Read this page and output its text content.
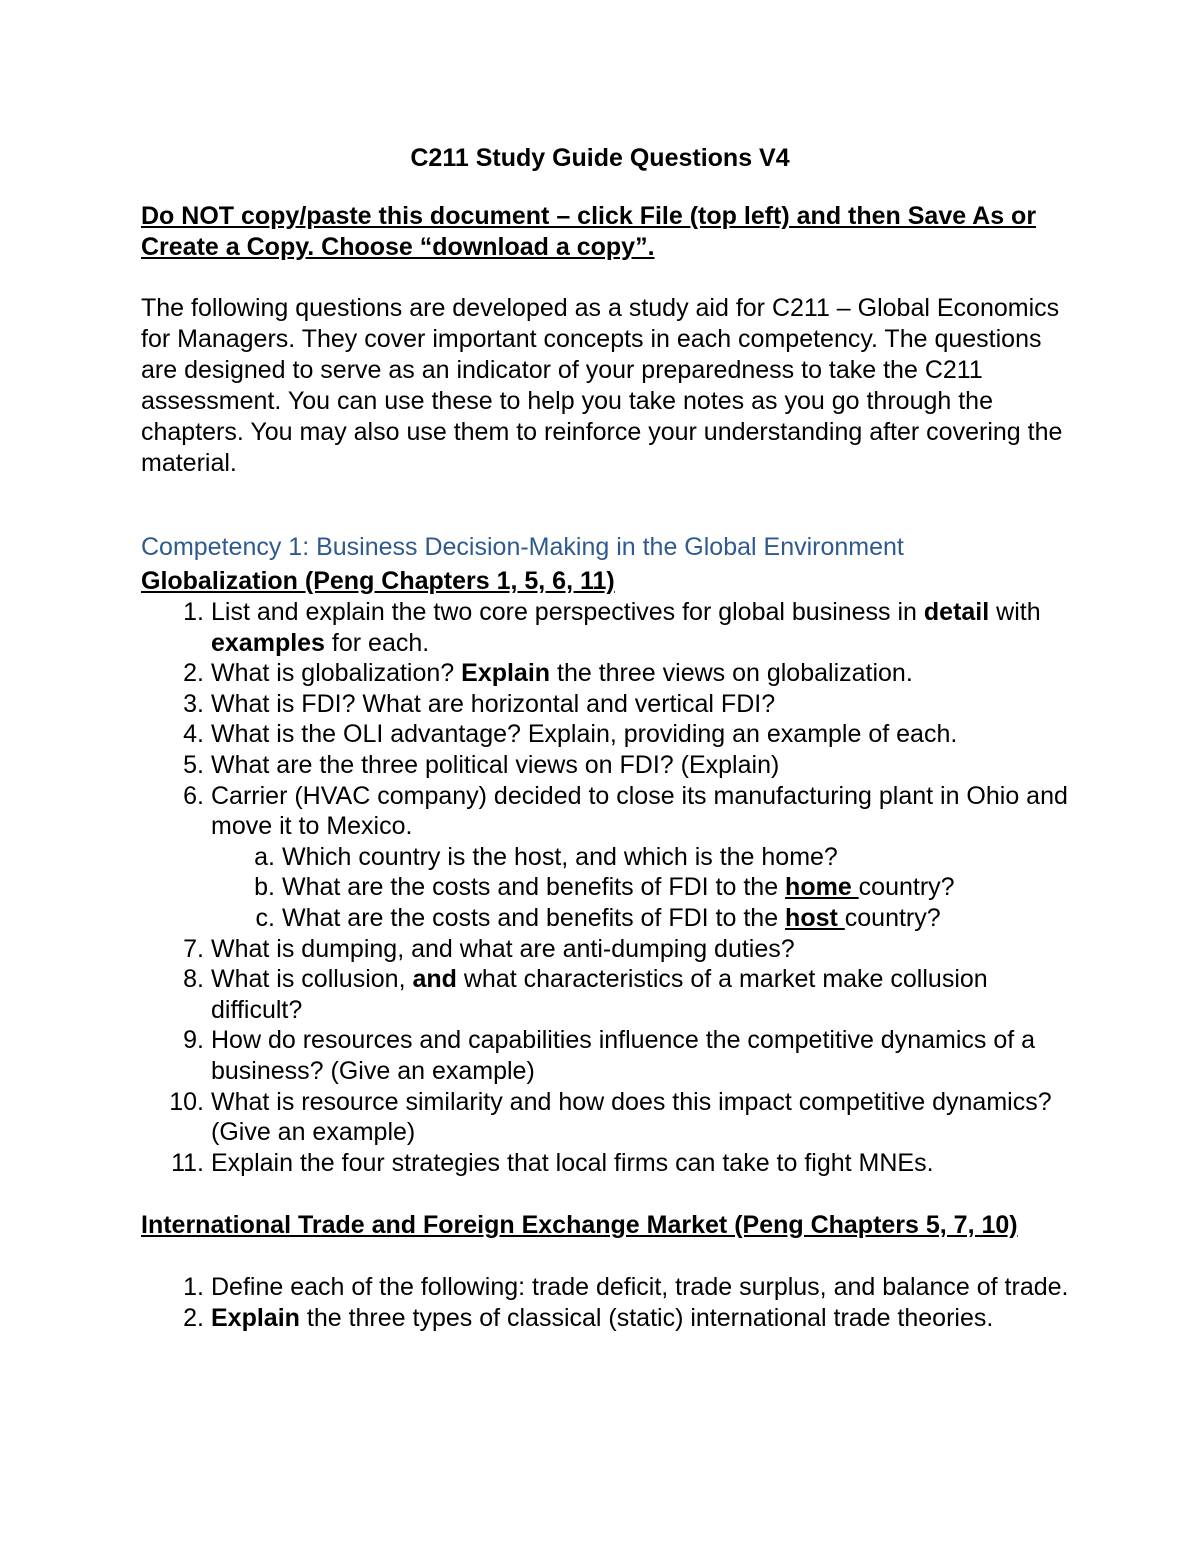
C211 Study Guide Questions V4

Do NOT copy/paste this document – click File (top left) and then Save As or Create a Copy. Choose “download a copy”.

The following questions are developed as a study aid for C211 – Global Economics for Managers. They cover important concepts in each competency. The questions are designed to serve as an indicator of your preparedness to take the C211 assessment. You can use these to help you take notes as you go through the chapters. You may also use them to reinforce your understanding after covering the material.

Competency 1: Business Decision-Making in the Global Environment

Globalization (Peng Chapters 1, 5, 6, 11)

1. List and explain the two core perspectives for global business in detail with examples for each.
2. What is globalization? Explain the three views on globalization.
3. What is FDI? What are horizontal and vertical FDI?
4. What is the OLI advantage? Explain, providing an example of each.
5. What are the three political views on FDI? (Explain)
6. Carrier (HVAC company) decided to close its manufacturing plant in Ohio and move it to Mexico.
a. Which country is the host, and which is the home?
b. What are the costs and benefits of FDI to the home country?
c. What are the costs and benefits of FDI to the host country?
7. What is dumping, and what are anti-dumping duties?
8. What is collusion, and what characteristics of a market make collusion difficult?
9. How do resources and capabilities influence the competitive dynamics of a business? (Give an example)
10. What is resource similarity and how does this impact competitive dynamics? (Give an example)
11. Explain the four strategies that local firms can take to fight MNEs.

International Trade and Foreign Exchange Market (Peng Chapters 5, 7, 10)

1. Define each of the following: trade deficit, trade surplus, and balance of trade.
2. Explain the three types of classical (static) international trade theories.
